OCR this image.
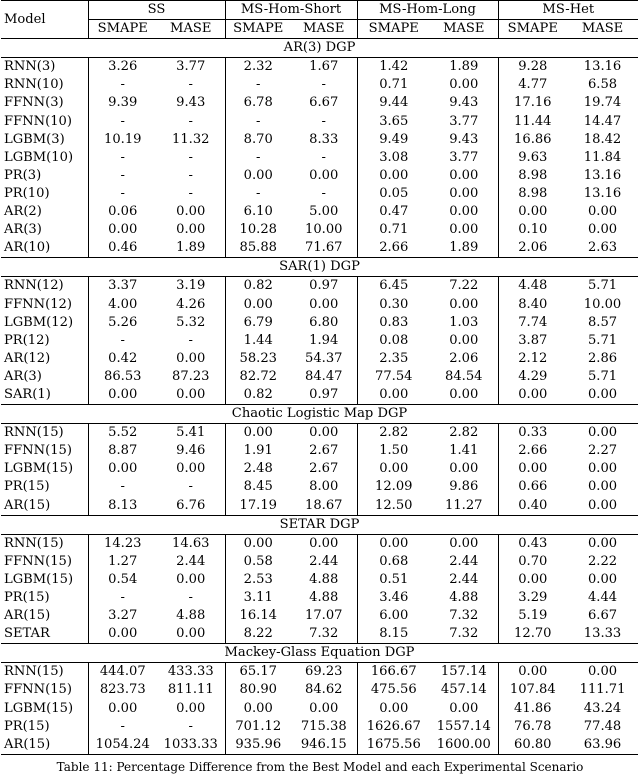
Model	SS		MS-Hom-Short		MS-Hom-Long		MS-Het	
	SMAPE	MASE	SMAPE	MASE	SMAPE	MASE	SMAPE	MASE
AR(3) DGP								
RNN(3)	3.26	3.77	2.32	1.67	1.42	1.89	9.28	13.16
RNN(10)	-	-	-	-	0.71	0.00	4.77	6.58
FFNN(3)	9.39	9.43	6.78	6.67	9.44	9.43	17.16	19.74
FFNN(10)	-	-	-	-	3.65	3.77	11.44	14.47
LGBM(3)	10.19	11.32	8.70	8.33	9.49	9.43	16.86	18.42
LGBM(10)	-	-	-	-	3.08	3.77	9.63	11.84
PR(3)	-	-	0.00	0.00	0.00	0.00	8.98	13.16
PR(10)	-	-	-	-	0.05	0.00	8.98	13.16
AR(2)	0.06	0.00	6.10	5.00	0.47	0.00	0.00	0.00
AR(3)	0.00	0.00	10.28	10.00	0.71	0.00	0.10	0.00
AR(10)	0.46	1.89	85.88	71.67	2.66	1.89	2.06	2.63
SAR(1) DGP								
RNN(12)	3.37	3.19	0.82	0.97	6.45	7.22	4.48	5.71
FFNN(12)	4.00	4.26	0.00	0.00	0.30	0.00	8.40	10.00
LGBM(12)	5.26	5.32	6.79	6.80	0.83	1.03	7.74	8.57
PR(12)	-	-	1.44	1.94	0.08	0.00	3.87	5.71
AR(12)	0.42	0.00	58.23	54.37	2.35	2.06	2.12	2.86
AR(3)	86.53	87.23	82.72	84.47	77.54	84.54	4.29	5.71
SAR(1)	0.00	0.00	0.82	0.97	0.00	0.00	0.00	0.00
Chaotic Logistic Map DGP								
RNN(15)	5.52	5.41	0.00	0.00	2.82	2.82	0.33	0.00
FFNN(15)	8.87	9.46	1.91	2.67	1.50	1.41	2.66	2.27
LGBM(15)	0.00	0.00	2.48	2.67	0.00	0.00	0.00	0.00
PR(15)	-	-	8.45	8.00	12.09	9.86	0.66	0.00
AR(15)	8.13	6.76	17.19	18.67	12.50	11.27	0.40	0.00
SETAR DGP								
RNN(15)	14.23	14.63	0.00	0.00	0.00	0.00	0.43	0.00
FFNN(15)	1.27	2.44	0.58	2.44	0.68	2.44	0.70	2.22
LGBM(15)	0.54	0.00	2.53	4.88	0.51	2.44	0.00	0.00
PR(15)	-	-	3.11	4.88	3.46	4.88	3.29	4.44
AR(15)	3.27	4.88	16.14	17.07	6.00	7.32	5.19	6.67
SETAR	0.00	0.00	8.22	7.32	8.15	7.32	12.70	13.33
Mackey-Glass Equation DGP								
RNN(15)	444.07	433.33	65.17	69.23	166.67	157.14	0.00	0.00
FFNN(15)	823.73	811.11	80.90	84.62	475.56	457.14	107.84	111.71
LGBM(15)	0.00	0.00	0.00	0.00	0.00	0.00	41.86	43.24
PR(15)	-	-	701.12	715.38	1626.67	1557.14	76.78	77.48
AR(15)	1054.24	1033.33	935.96	946.15	1675.56	1600.00	60.80	63.96
Table 11: Percentage Difference from the Best Model and each Experimental Scenario
